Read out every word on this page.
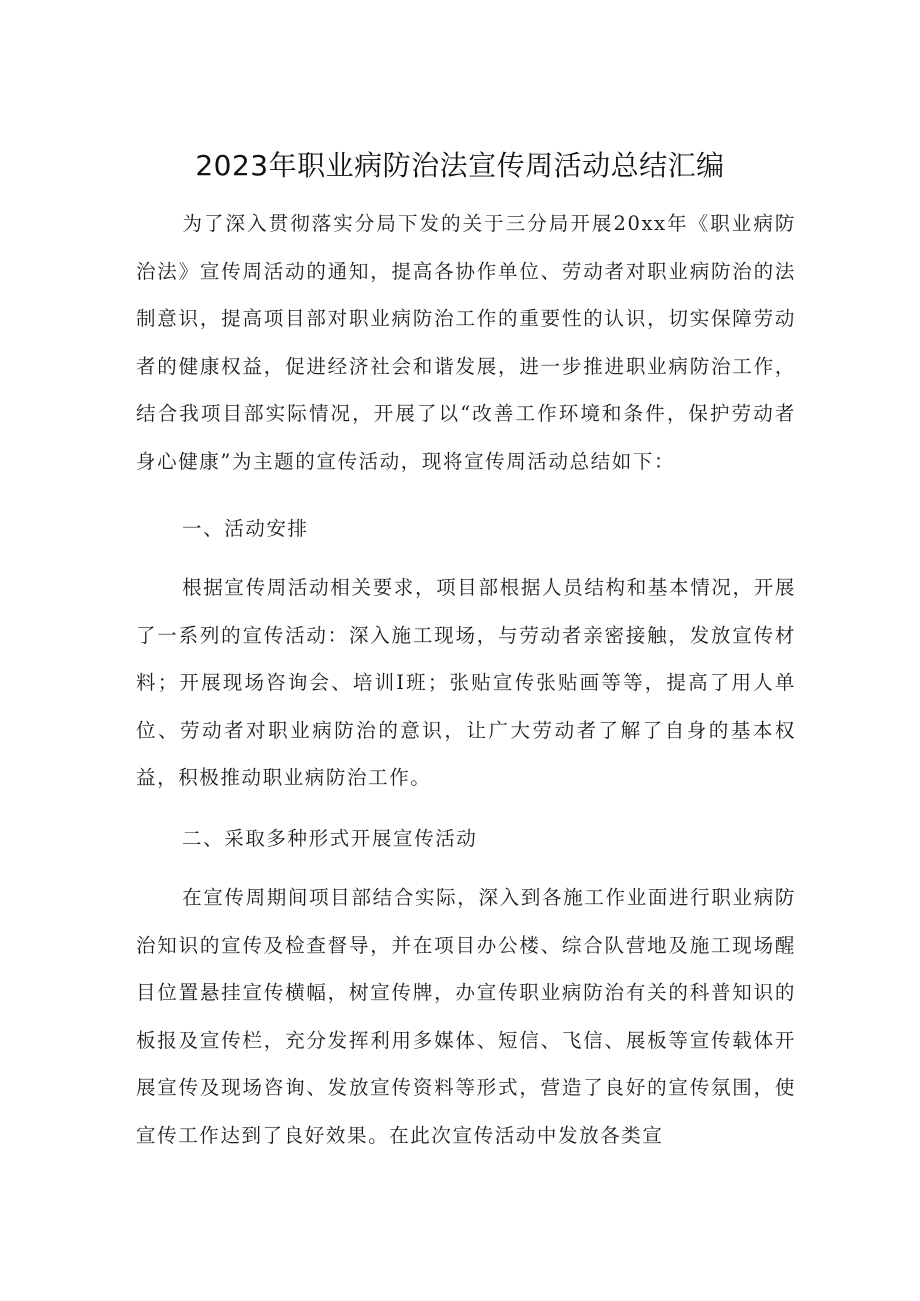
2023年职业病防治法宣传周活动总结汇编

为了深入贯彻落实分局下发的关于三分局开展20xx年《职业病防治法》宣传周活动的通知，提高各协作单位、劳动者对职业病防治的法制意识，提高项目部对职业病防治工作的重要性的认识，切实保障劳动者的健康权益，促进经济社会和谐发展，进一步推进职业病防治工作，结合我项目部实际情况，开展了以“改善工作环境和条件，保护劳动者身心健康”为主题的宣传活动，现将宣传周活动总结如下：

一、活动安排

根据宣传周活动相关要求，项目部根据人员结构和基本情况，开展了一系列的宣传活动：深入施工现场，与劳动者亲密接触，发放宣传材料；开展现场咨询会、培训Ⅰ班；张贴宣传张贴画等等，提高了用人单位、劳动者对职业病防治的意识，让广大劳动者了解了自身的基本权益，积极推动职业病防治工作。

二、采取多种形式开展宣传活动

在宣传周期间项目部结合实际，深入到各施工作业面进行职业病防治知识的宣传及检查督导，并在项目办公楼、综合队营地及施工现场醒目位置悬挂宣传横幅，树宣传牌，办宣传职业病防治有关的科普知识的板报及宣传栏，充分发挥利用多媒体、短信、飞信、展板等宣传载体开展宣传及现场咨询、发放宣传资料等形式，营造了良好的宣传氛围，使宣传工作达到了良好效果。在此次宣传活动中发放各类宣
